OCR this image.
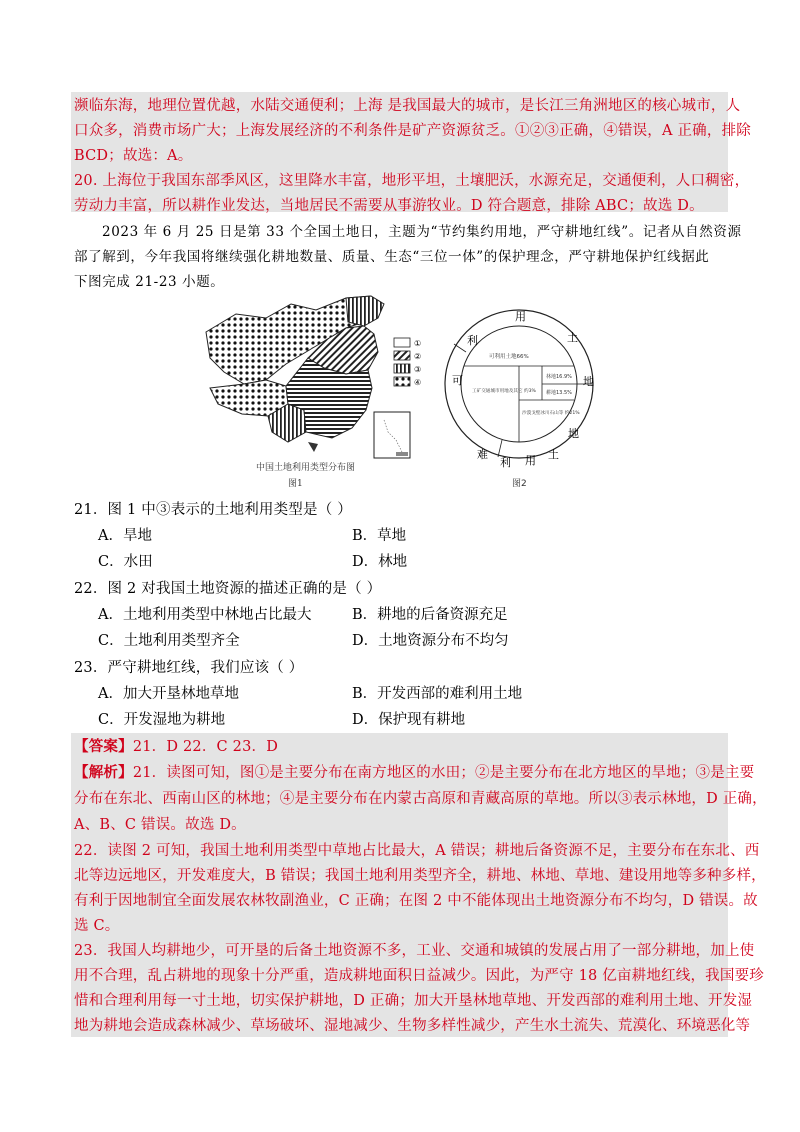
濒临东海，地理位置优越，水陆交通便利；上海 是我国最大的城市，是长江三角洲地区的核心城市，人
口众多，消费市场广大；上海发展经济的不利条件是矿产资源贫乏。①②③正确，④错误，A 正确，排除
BCD；故选：A。
20. 上海位于我国东部季风区，这里降水丰富，地形平坦，土壤肥沃，水源充足，交通便利，人口稠密，
劳动力丰富，所以耕作业发达，当地居民不需要从事游牧业。D 符合题意，排除 ABC；故选 D。
2023 年 6 月 25 日是第 33 个全国土地日，主题为“节约集约用地，严守耕地红线”。记者从自然资源
部了解到，今年我国将继续强化耕地数量、质量、生态“三位一体”的保护理念，严守耕地保护红线据此
下图完成 21-23 小题。
①
②
③
④
中国土地利用类型分布图
图1
用
土
地
地
土
用
利
难
可
利
可利用土地66%
林地16.9%
耕地13.5%
工矿交通城市用地及其它 约3%
沙漠戈壁冰川石山等 约21%
图2
21．图 1 中③表示的土地利用类型是（ ）
A．旱地	B．草地
C．水田	D．林地
22．图 2 对我国土地资源的描述正确的是（ ）
A．土地利用类型中林地占比最大	B．耕地的后备资源充足
C．土地利用类型齐全	D．土地资源分布不均匀
23．严守耕地红线，我们应该（ ）
A．加大开垦林地草地	B．开发西部的难利用土地
C．开发湿地为耕地	D．保护现有耕地
【答案】21．D 22．C 23．D
【解析】21．读图可知，图①是主要分布在南方地区的水田；②是主要分布在北方地区的旱地；③是主要
分布在东北、西南山区的林地；④是主要分布在内蒙古高原和青藏高原的草地。所以③表示林地，D 正确，
A、B、C 错误。故选 D。
22．读图 2 可知，我国土地利用类型中草地占比最大，A 错误；耕地后备资源不足，主要分布在东北、西
北等边远地区，开发难度大，B 错误；我国土地利用类型齐全，耕地、林地、草地、建设用地等多种多样，
有利于因地制宜全面发展农林牧副渔业，C 正确；在图 2 中不能体现出土地资源分布不均匀，D 错误。故
选 C。
23．我国人均耕地少，可开垦的后备土地资源不多，工业、交通和城镇的发展占用了一部分耕地，加上使
用不合理，乱占耕地的现象十分严重，造成耕地面积日益减少。因此，为严守 18 亿亩耕地红线，我国要珍
惜和合理利用每一寸土地，切实保护耕地，D 正确；加大开垦林地草地、开发西部的难利用土地、开发湿
地为耕地会造成森林减少、草场破坏、湿地减少、生物多样性减少，产生水土流失、荒漠化、环境恶化等
